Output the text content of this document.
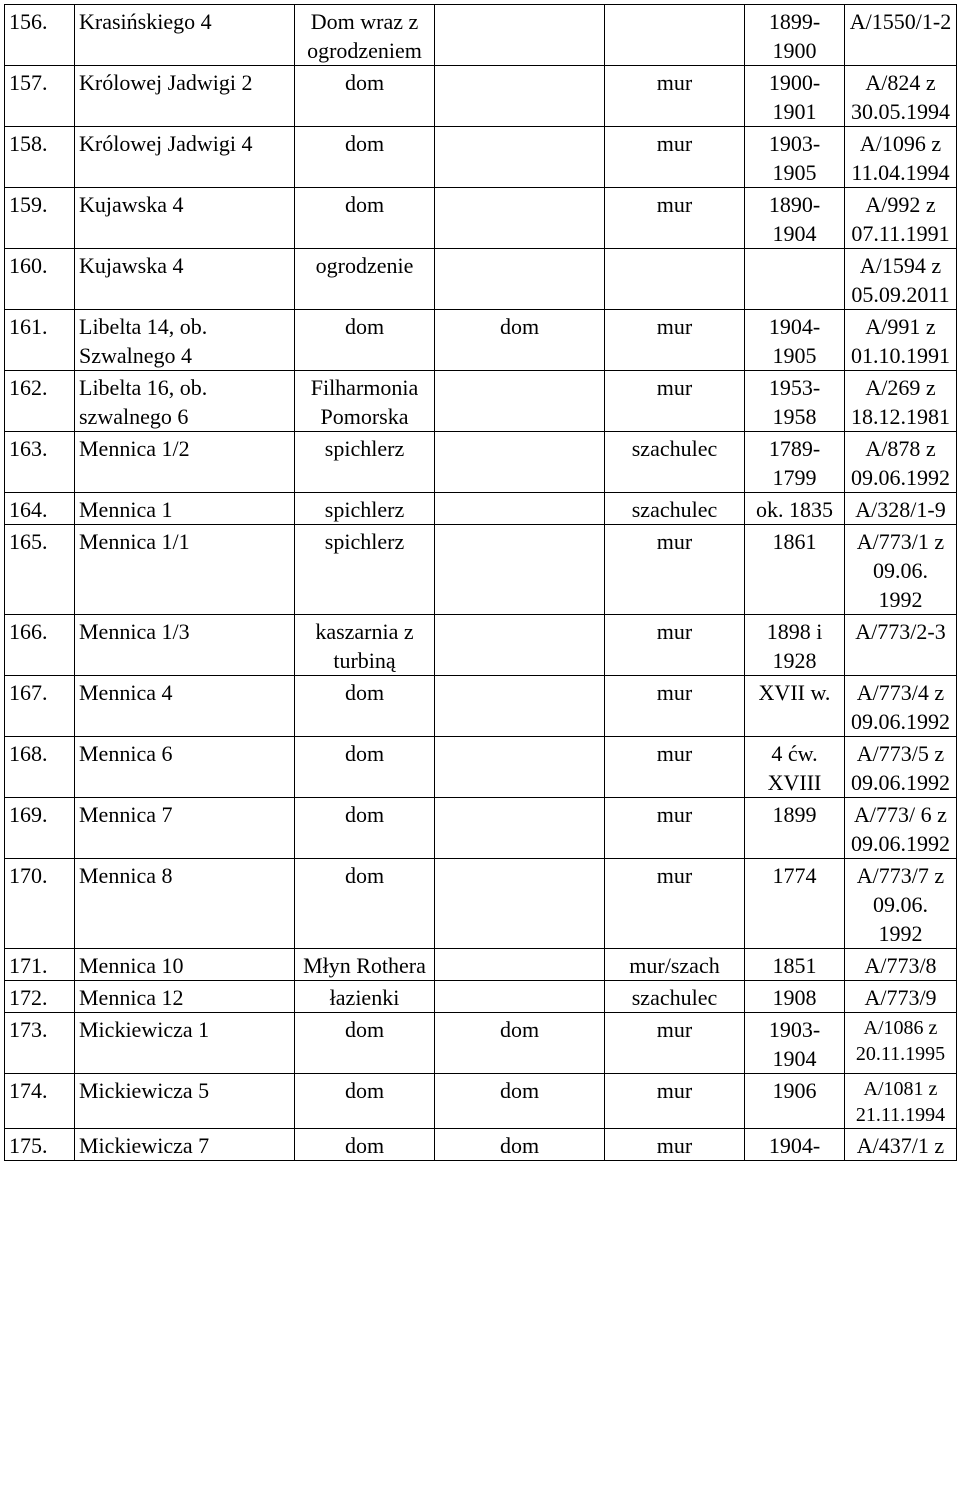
156.	Krasińskiego 4	Dom wraz z ogrodzeniem			1899-1900	A/1550/1-2
157.	Królowej Jadwigi 2	dom		mur	1900-1901	A/824 z 30.05.1994
158.	Królowej Jadwigi 4	dom		mur	1903-1905	A/1096 z 11.04.1994
159.	Kujawska 4	dom		mur	1890-1904	A/992 z 07.11.1991
160.	Kujawska 4	ogrodzenie				A/1594 z 05.09.2011
161.	Libelta 14, ob. Szwalnego 4	dom	dom	mur	1904-1905	A/991 z 01.10.1991
162.	Libelta 16, ob. szwalnego 6	Filharmonia Pomorska		mur	1953-1958	A/269 z 18.12.1981
163.	Mennica 1/2	spichlerz		szachulec	1789-1799	A/878 z 09.06.1992
164.	Mennica 1	spichlerz		szachulec	ok. 1835	A/328/1-9
165.	Mennica 1/1	spichlerz		mur	1861	A/773/1 z 09.06. 1992
166.	Mennica 1/3	kaszarnia z turbiną		mur	1898 i 1928	A/773/2-3
167.	Mennica 4	dom		mur	XVII w.	A/773/4 z 09.06.1992
168.	Mennica 6	dom		mur	4 ćw. XVIII	A/773/5 z 09.06.1992
169.	Mennica 7	dom		mur	1899	A/773/ 6 z 09.06.1992
170.	Mennica 8	dom		mur	1774	A/773/7 z 09.06. 1992
171.	Mennica 10	Młyn Rothera		mur/szach	1851	A/773/8
172.	Mennica 12	łazienki		szachulec	1908	A/773/9
173.	Mickiewicza 1	dom	dom	mur	1903-1904	A/1086 z 20.11.1995
174.	Mickiewicza 5	dom	dom	mur	1906	A/1081 z 21.11.1994
175.	Mickiewicza 7	dom	dom	mur	1904-	A/437/1 z
